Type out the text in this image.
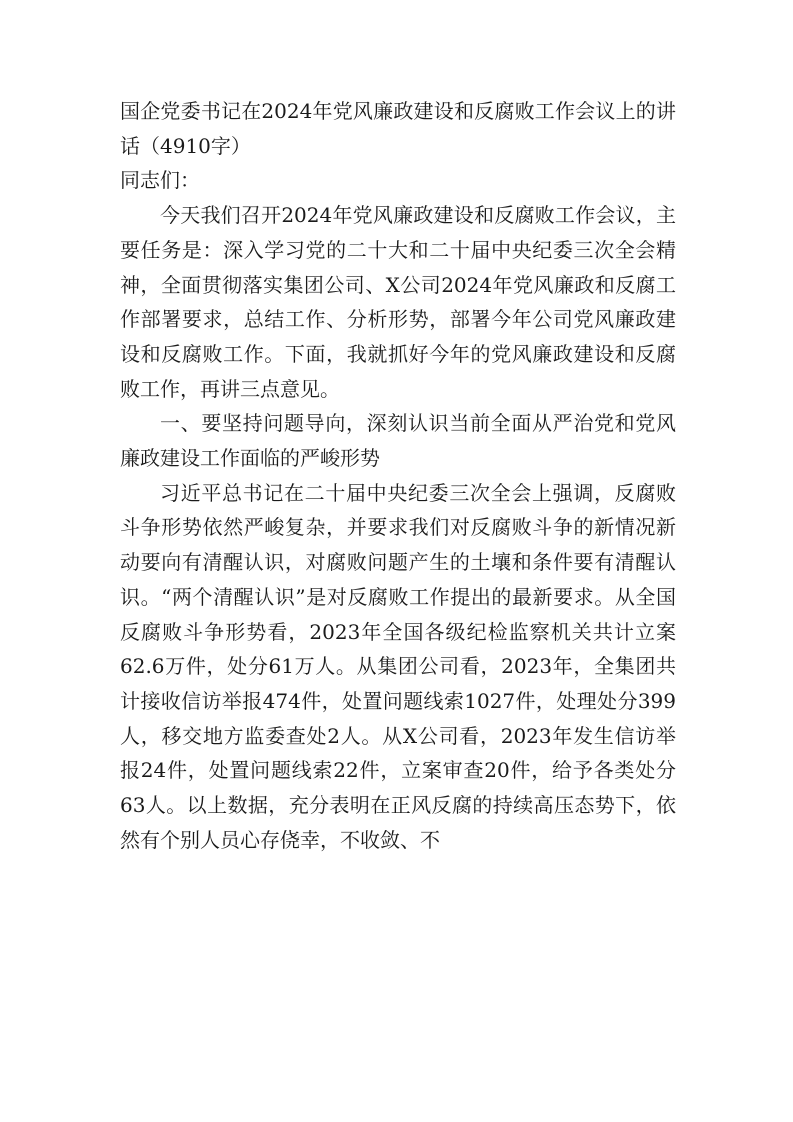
国企党委书记在2024年党风廉政建设和反腐败工作会议上的讲话（4910字）

同志们：

今天我们召开2024年党风廉政建设和反腐败工作会议，主要任务是：深入学习党的二十大和二十届中央纪委三次全会精神，全面贯彻落实集团公司、X公司2024年党风廉政和反腐工作部署要求，总结工作、分析形势，部署今年公司党风廉政建设和反腐败工作。下面，我就抓好今年的党风廉政建设和反腐败工作，再讲三点意见。

一、要坚持问题导向，深刻认识当前全面从严治党和党风廉政建设工作面临的严峻形势

习近平总书记在二十届中央纪委三次全会上强调，反腐败斗争形势依然严峻复杂，并要求我们对反腐败斗争的新情况新动要向有清醒认识，对腐败问题产生的土壤和条件要有清醒认识。“两个清醒认识”是对反腐败工作提出的最新要求。从全国反腐败斗争形势看，2023年全国各级纪检监察机关共计立案62.6万件，处分61万人。从集团公司看，2023年，全集团共计接收信访举报474件，处置问题线索1027件，处理处分399人，移交地方监委查处2人。从X公司看，2023年发生信访举报24件，处置问题线索22件，立案审查20件，给予各类处分63人。以上数据，充分表明在正风反腐的持续高压态势下，依然有个别人员心存侥幸，不收敛、不
